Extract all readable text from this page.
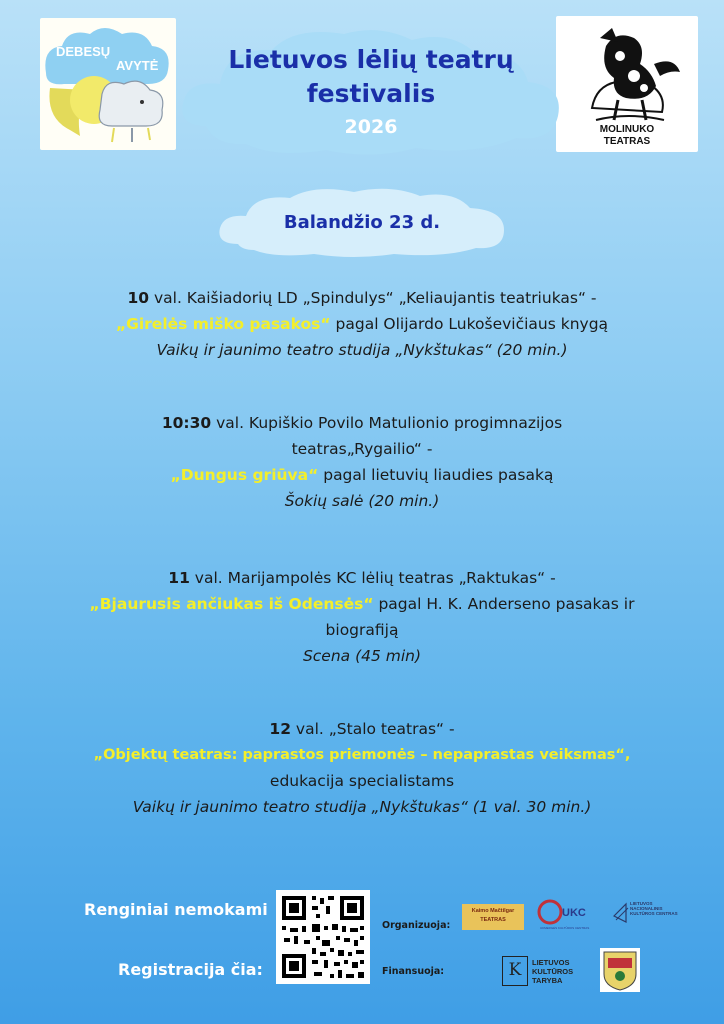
DEBESŲ
AVYTĖ
MOLINUKO
TEATRAS
Lietuvos lėlių teatrų
festivalis
2026
Balandžio 23 d.
10 val. Kaišiadorių LD „Spindulys“ „Keliaujantis teatriukas“ -
„Girelės miško pasakos“ pagal Olijardo Lukoševičiaus knygą
Vaikų ir jaunimo teatro studija „Nykštukas“ (20 min.)
10:30 val. Kupiškio Povilo Matulionio progimnazijos
teatras„Rygailio“ -
„Dungus griūva“ pagal lietuvių liaudies pasaką
Šokių salė (20 min.)
11 val. Marijampolės KC lėlių teatras „Raktukas“ -
„Bjaurusis ančiukas iš Odensės“ pagal H. K. Anderseno pasakas ir
biografiją
Scena (45 min)
12 val. „Stalo teatras“ -
„Objektų teatras: paprastos priemonės – nepaprastas veiksmas“,
edukacija specialistams
Vaikų ir jaunimo teatro studija „Nykštukas“ (1 val. 30 min.)
Renginiai nemokami
Registracija čia:
Organizuoja:
Finansuoja:
Kaimo Mačtilgar TEATRAS
UKC
UKMERGĖS KULTŪROS CENTRAS
LIETUVOS NACIONALINIS KULTŪROS CENTRAS
K	LIETUVOS KULTŪROS TARYBA
